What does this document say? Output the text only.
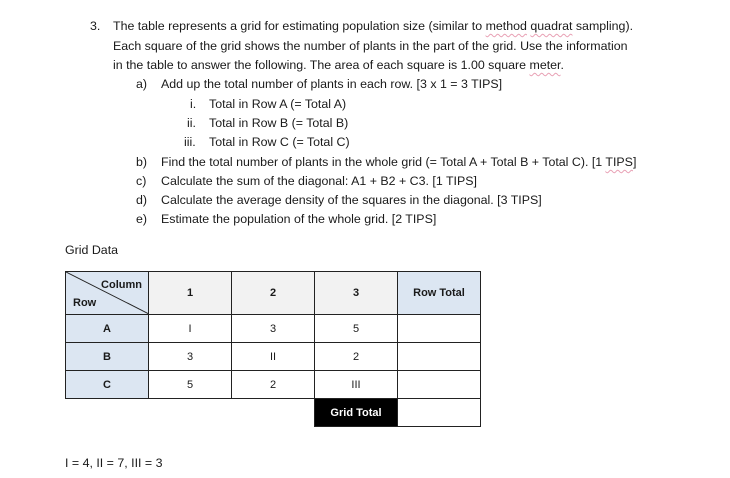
3. The table represents a grid for estimating population size (similar to method quadrat sampling).
Each square of the grid shows the number of plants in the part of the grid. Use the information
in the table to answer the following. The area of each square is 1.00 square meter.
a) Add up the total number of plants in each row. [3 x 1 = 3 TIPS]
i. Total in Row A (= Total A)
ii. Total in Row B (= Total B)
iii. Total in Row C (= Total C)
b) Find the total number of plants in the whole grid (= Total A + Total B + Total C). [1 TIPS]
c) Calculate the sum of the diagonal: A1 + B2 + C3. [1 TIPS]
d) Calculate the average density of the squares in the diagonal. [3 TIPS]
e) Estimate the population of the whole grid. [2 TIPS]
Grid Data
Column
Row	1	2	3	Row Total
A	I	3	5	
B	3	II	2	
C	5	2	III	
			Grid Total	
I = 4, II = 7, III = 3
